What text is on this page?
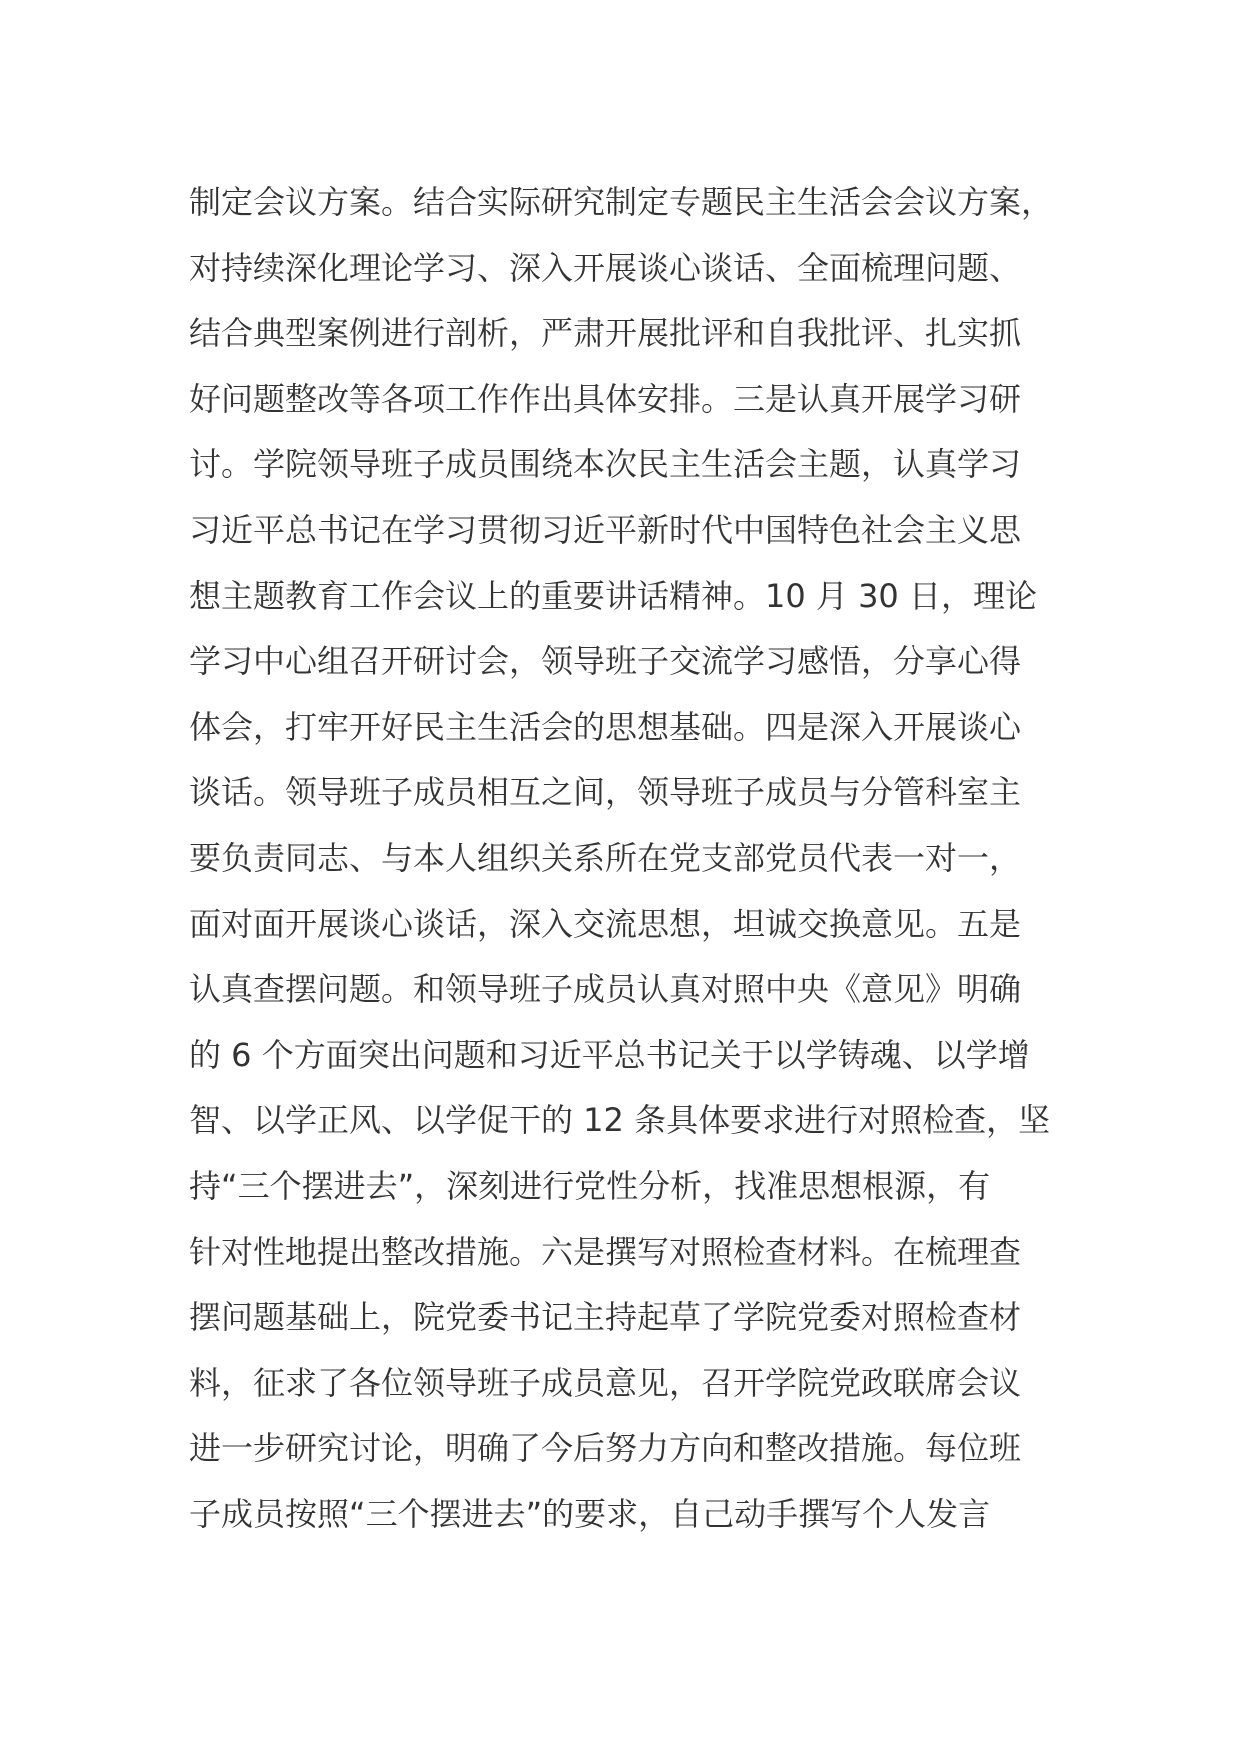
制定会议方案。结合实际研究制定专题民主生活会会议方案，
对持续深化理论学习、深入开展谈心谈话、全面梳理问题、
结合典型案例进行剖析，严肃开展批评和自我批评、扎实抓
好问题整改等各项工作作出具体安排。三是认真开展学习研
讨。学院领导班子成员围绕本次民主生活会主题，认真学习
习近平总书记在学习贯彻习近平新时代中国特色社会主义思
想主题教育工作会议上的重要讲话精神。10 月 30 日，理论
学习中心组召开研讨会，领导班子交流学习感悟，分享心得
体会，打牢开好民主生活会的思想基础。四是深入开展谈心
谈话。领导班子成员相互之间，领导班子成员与分管科室主
要负责同志、与本人组织关系所在党支部党员代表一对一，
面对面开展谈心谈话，深入交流思想，坦诚交换意见。五是
认真查摆问题。和领导班子成员认真对照中央《意见》明确
的 6 个方面突出问题和习近平总书记关于以学铸魂、以学增
智、以学正风、以学促干的 12 条具体要求进行对照检查，坚
持“三个摆进去”，深刻进行党性分析，找准思想根源，有
针对性地提出整改措施。六是撰写对照检查材料。在梳理查
摆问题基础上，院党委书记主持起草了学院党委对照检查材
料，征求了各位领导班子成员意见，召开学院党政联席会议
进一步研究讨论，明确了今后努力方向和整改措施。每位班
子成员按照“三个摆进去”的要求，自己动手撰写个人发言
